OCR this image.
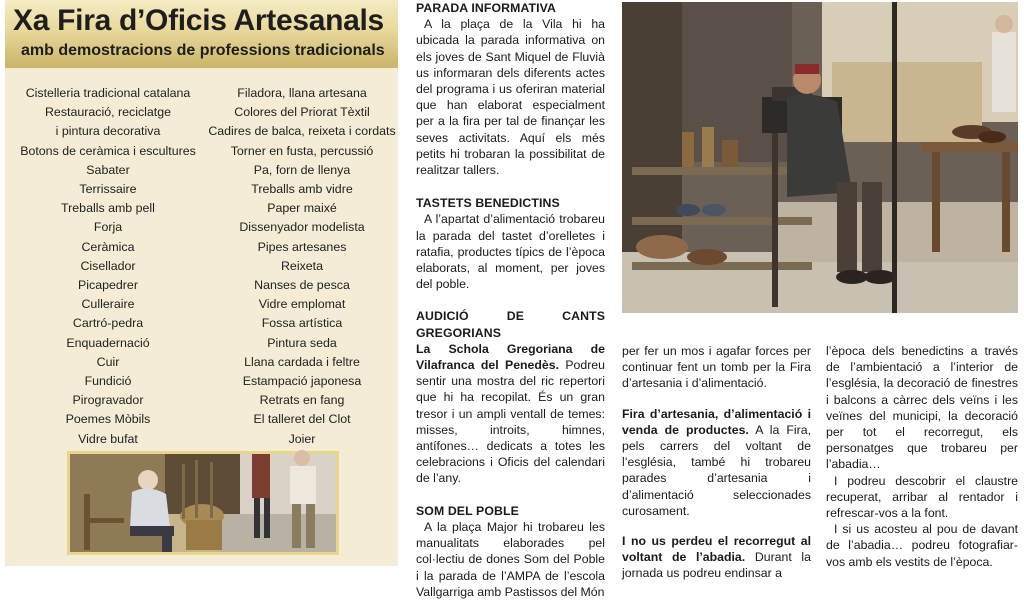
Xa Fira d’Oficis Artesanals
amb demostracions de professions tradicionals
Cistelleria tradicional catalana
Restauració, reciclatge
i pintura decorativa
Botons de ceràmica i escultures
Sabater
Terrissaire
Treballs amb pell
Forja
Ceràmica
Cisellador
Picapedrer
Culleraire
Cartró-pedra
Enquadernació
Cuir
Fundició
Pirogravador
Poemes Mòbils
Vidre bufat
Filadora, llana artesana
Colores del Priorat Tèxtil
Cadires de balca, reixeta i cordats
Torner en fusta, percussió
Pa, forn de llenya
Treballs amb vidre
Paper maixé
Dissenyador modelista
Pipes artesanes
Reixeta
Nanses de pesca
Vidre emplomat
Fossa artística
Pintura seda
Llana cardada i feltre
Estampació japonesa
Retrats en fang
El talleret del Clot
Joier

PARADA INFORMATIVA

A la plaça de la Vila hi ha ubicada la parada informativa on els joves de Sant Miquel de Fluvià us informaran dels diferents actes del programa i us oferiran material que han elaborat especialment per a la fira per tal de finançar les seves activitats. Aquí els més petits hi trobaran la possibilitat de realitzar tallers.

TASTETS BENEDICTINS

A l’apartat d’alimentació trobareu la parada del tastet d’orelletes i ratafia, productes típics de l’època elaborats, al moment, per joves del poble.

AUDICIÓ DE CANTS GREGORIANS

La Schola Gregoriana de Vilafranca del Penedès. Podreu sentir una mostra del ric repertori que hi ha recopilat. És un gran tresor i un ampli ventall de temes: misses, introits, himnes, antífones… dedicats a totes les celebracions i Oficis del calendari de l’any.

SOM DEL POBLE

A la plaça Major hi trobareu les manualitats elaborades pel col·lectiu de dones Som del Poble i la parada de l’AMPA de l’escola Vallgarriga amb Pastissos del Món

per fer un mos i agafar forces per continuar fent un tomb per la Fira d’artesania i d’alimentació.

Fira d’artesania, d’alimentació i venda de productes. A la Fira, pels carrers del voltant de l’església, també hi trobareu parades d’artesania i d’alimentació seleccionades curosament.

I no us perdeu el recorregut al voltant de l’abadia. Durant la jornada us podreu endinsar a

l’època dels benedictins a través de l’ambientació a l’interior de l’església, la decoració de finestres i balcons a càrrec dels veïns i les veïnes del municipi, la decoració per tot el recorregut, els personatges que trobareu per l’abadia…

I podreu descobrir el claustre recuperat, arribar al rentador i refrescar-vos a la font.

I si us acosteu al pou de davant de l’abadia… podreu fotografiar-vos amb els vestits de l’època.
